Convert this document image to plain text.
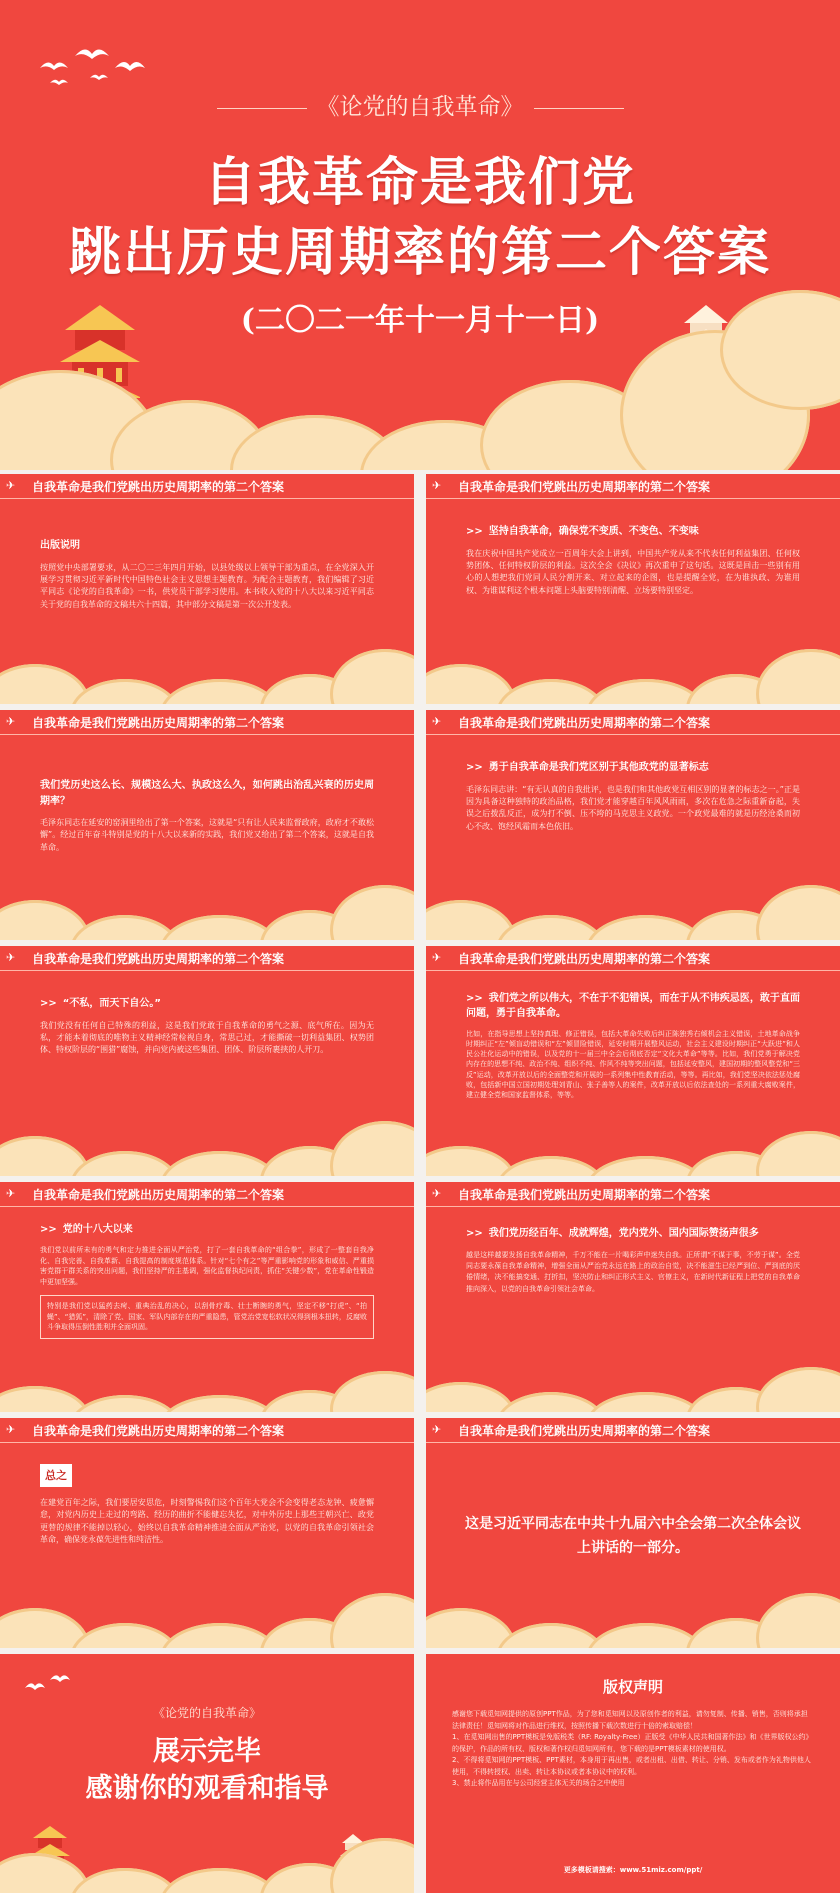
《论党的自我革命》
自我革命是我们党
跳出历史周期率的第二个答案
(二〇二一年十一月十一日)
✈ 自我革命是我们党跳出历史周期率的第二个答案
出版说明
按照党中央部署要求，从二〇二三年四月开始，以县处级以上领导干部为重点，在全党深入开展学习贯彻习近平新时代中国特色社会主义思想主题教育。为配合主题教育，我们编辑了习近平同志《论党的自我革命》一书，供党员干部学习使用。本书收入党的十八大以来习近平同志关于党的自我革命的文稿共六十四篇，其中部分文稿是第一次公开发表。
✈ 自我革命是我们党跳出历史周期率的第二个答案
>> 坚持自我革命，确保党不变质、不变色、不变味
我在庆祝中国共产党成立一百周年大会上讲到，中国共产党从来不代表任何利益集团、任何权势团体、任何特权阶层的利益。这次全会《决议》再次重申了这句话。这既是回击一些别有用心的人想把我们党同人民分割开来、对立起来的企图，也是提醒全党，在为谁执政、为谁用权、为谁谋利这个根本问题上头脑要特别清醒、立场要特别坚定。
✈ 自我革命是我们党跳出历史周期率的第二个答案
我们党历史这么长、规模这么大、执政这么久，如何跳出治乱兴衰的历史周期率？
毛泽东同志在延安的窑洞里给出了第一个答案，这就是“只有让人民来监督政府，政府才不敢松懈”。经过百年奋斗特别是党的十八大以来新的实践，我们党又给出了第二个答案，这就是自我革命。
✈ 自我革命是我们党跳出历史周期率的第二个答案
>> 勇于自我革命是我们党区别于其他政党的显著标志
毛泽东同志讲：“有无认真的自我批评，也是我们和其他政党互相区别的显著的标志之一。”正是因为具备这种独特的政治品格，我们党才能穿越百年风风雨雨，多次在危急之际重新奋起，失误之后拨乱反正，成为打不倒、压不垮的马克思主义政党。一个政党最难的就是历经沧桑而初心不改、饱经风霜而本色依旧。
✈ 自我革命是我们党跳出历史周期率的第二个答案
>> “不私，而天下自公。”
我们党没有任何自己特殊的利益，这是我们党敢于自我革命的勇气之源、底气所在。因为无私，才能本着彻底的唯物主义精神经常检视自身，常思己过，才能撕破一切利益集团、权势团体、特权阶层的“围猎”腐蚀，并向党内被这些集团、团体、阶层所裹挟的人开刀。
✈ 自我革命是我们党跳出历史周期率的第二个答案
>> 我们党之所以伟大，不在于不犯错误，而在于从不讳疾忌医，敢于直面问题，勇于自我革命。
比如，在指导思想上坚持真理、修正错误，包括大革命失败后纠正陈独秀右倾机会主义错误，土地革命战争时期纠正“左”倾盲动错误和“左”倾冒险错误，延安时期开展整风运动，社会主义建设时期纠正“大跃进”和人民公社化运动中的错误，以及党的十一届三中全会后彻底否定“文化大革命”等等。比如，我们党勇于解决党内存在的思想不纯、政治不纯、组织不纯、作风不纯等突出问题，包括延安整风，建国初期的整风整党和“三反”运动，改革开放以后的全面整党和开展的一系列集中性教育活动，等等。再比如，我们党坚决依法惩处腐败，包括新中国立国初期处理刘青山、张子善等人的案件，改革开放以后依法查处的一系列重大腐败案件，建立健全党和国家监督体系，等等。
✈ 自我革命是我们党跳出历史周期率的第二个答案
>> 党的十八大以来
我们党以前所未有的勇气和定力推进全面从严治党，打了一套自我革命的“组合拳”，形成了一整套自我净化、自我完善、自我革新、自我提高的制度规范体系。针对“七个有之”等严重影响党的形象和威信、严重损害党群干群关系的突出问题，我们坚持严的主基调，强化监督执纪问责，抓住“关键少数”，党在革命性锻造中更加坚强。
特别是我们党以猛药去疴、重典治乱的决心，以刮骨疗毒、壮士断腕的勇气，坚定不移“打虎”、“拍蝇”、“猎狐”，清除了党、国家、军队内部存在的严重隐患，管党治党宽松软状况得到根本扭转，反腐败斗争取得压倒性胜利并全面巩固。
✈ 自我革命是我们党跳出历史周期率的第二个答案
>> 我们党历经百年、成就辉煌，党内党外、国内国际赞扬声很多
越是这样越要发扬自我革命精神，千万不能在一片喝彩声中迷失自我。正所谓“不谋于事，不劳于谋”。全党同志要永葆自我革命精神，增强全面从严治党永远在路上的政治自觉，决不能滋生已经严到位、严到底的厌倦情绪，决不能搞变通、打折扣，坚决防止和纠正形式主义、官僚主义，在新时代新征程上把党的自我革命推向深入，以党的自我革命引领社会革命。
✈ 自我革命是我们党跳出历史周期率的第二个答案
总之
在建党百年之际，我们要居安思危，时刻警惕我们这个百年大党会不会变得老态龙钟、疲惫懈怠，对党内历史上走过的弯路、经历的曲折不能健忘失忆，对中外历史上那些王朝兴亡、政党更替的规律不能掉以轻心，始终以自我革命精神推进全面从严治党，以党的自我革命引领社会革命，确保党永葆先进性和纯洁性。
✈ 自我革命是我们党跳出历史周期率的第二个答案
这是习近平同志在中共十九届六中全会第二次全体会议
上讲话的一部分。
《论党的自我革命》
展示完毕
感谢你的观看和指导
版权声明
感谢您下载觅知网提供的原创PPT作品，为了您和觅知网以及原创作者的利益，请勿复制、传播、销售，否则将承担法律责任！觅知网将对作品进行维权，按照传播下载次数进行十倍的索取赔偿！
1、在觅知网出售的PPT模板是免版税类（RF: Royalty-Free）正版受《中华人民共和国著作法》和《世界版权公约》的保护，作品的所有权、版权和著作权归觅知网所有，您下载的是PPT模板素材的使用权。
2、不得将觅知网的PPT模板、PPT素材，本身用于再出售，或者出租、出借、转让、分销、发布或者作为礼物供他人使用，不得转授权、出卖、转让本协议或者本协议中的权利。
3、禁止将作品用在与公司经营主体无关的场合之中使用
更多模板请搜索：www.51miz.com/ppt/
